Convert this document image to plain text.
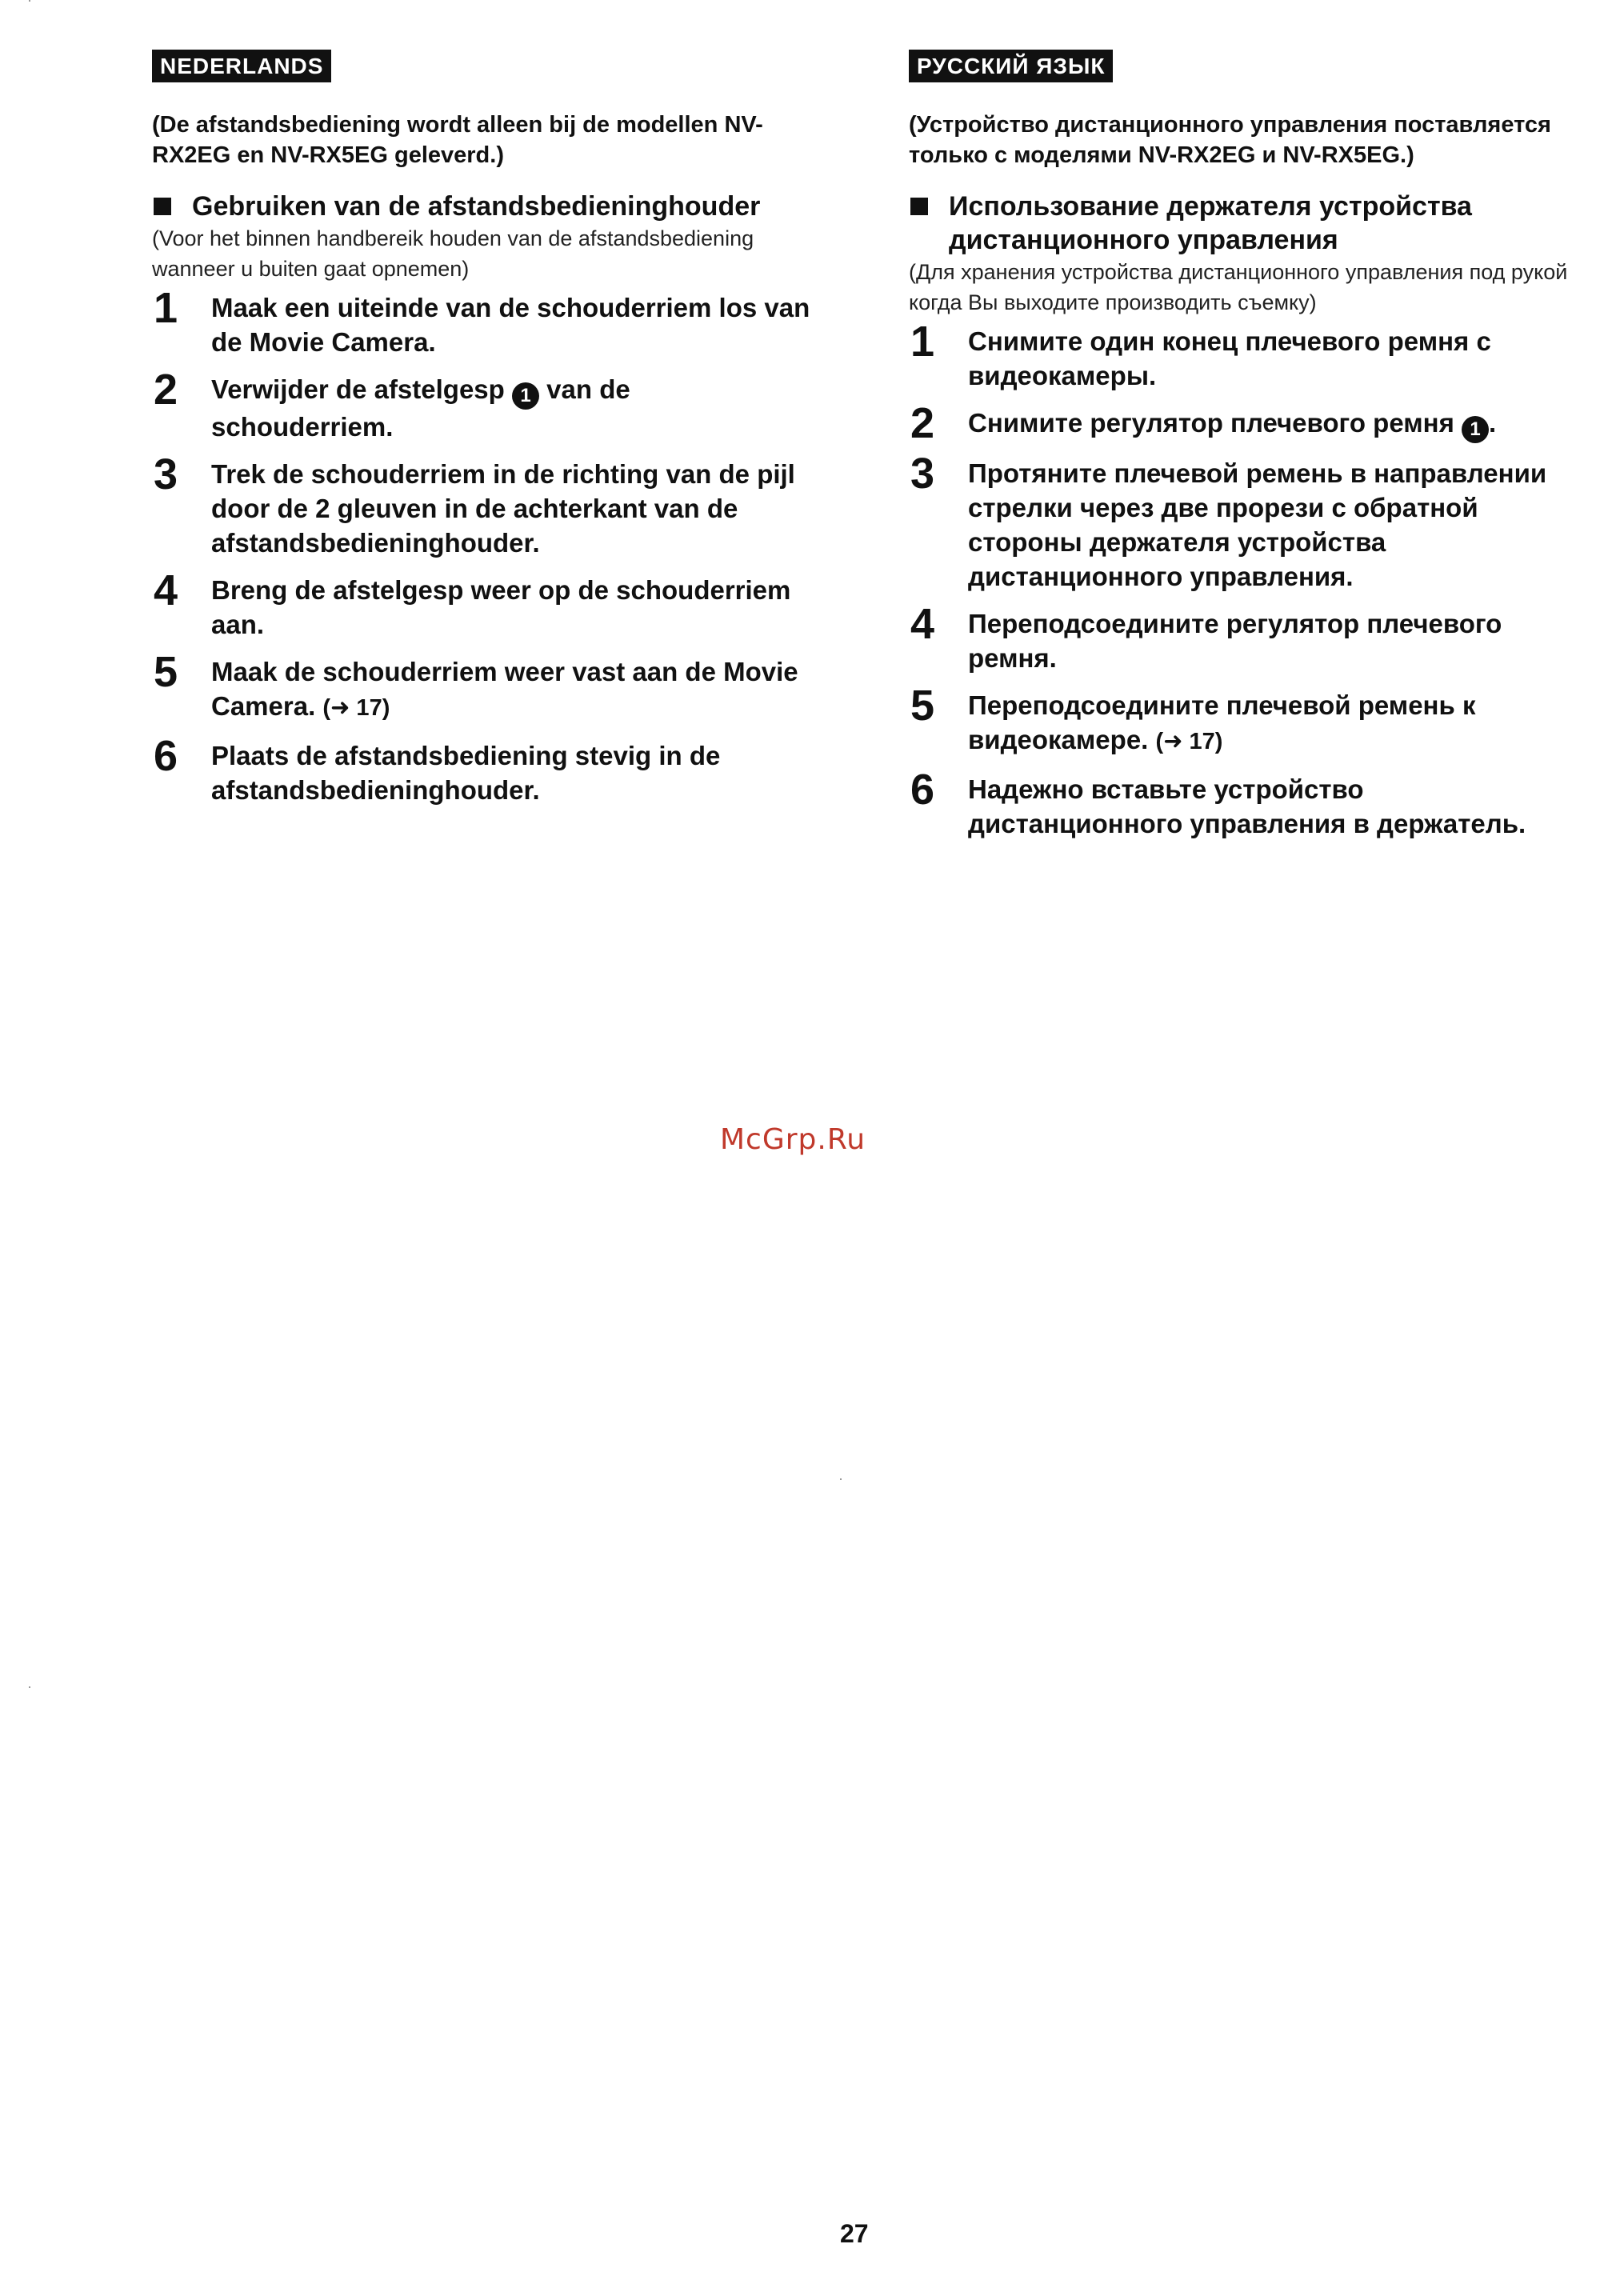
NEDERLANDS
(De afstandsbediening wordt alleen bij de modellen NV-RX2EG en NV-RX5EG geleverd.)
Gebruiken van de afstandsbedieninghouder
(Voor het binnen handbereik houden van de afstandsbediening wanneer u buiten gaat opnemen)
1 Maak een uiteinde van de schouderriem los van de Movie Camera.
2 Verwijder de afstelgesp 1 van de schouderriem.
3 Trek de schouderriem in de richting van de pijl door de 2 gleuven in de achterkant van de afstandsbedieninghouder.
4 Breng de afstelgesp weer op de schouderriem aan.
5 Maak de schouderriem weer vast aan de Movie Camera. (➜ 17)
6 Plaats de afstandsbediening stevig in de afstandsbedieninghouder.
РУССКИЙ ЯЗЫК
(Устройство дистанционного управления поставляется только с моделями NV-RX2EG и NV-RX5EG.)
Использование держателя устройства дистанционного управления
(Для хранения устройства дистанционного управления под рукой когда Вы выходите производить съемку)
1 Снимите один конец плечевого ремня с видеокамеры.
2 Снимите регулятор плечевого ремня 1 .
3 Протяните плечевой ремень в направлении стрелки через две прорези с обратной стороны держателя устройства дистанционного управления.
4 Переподсоедините регулятор плечевого ремня.
5 Переподсоедините плечевой ремень к видеокамере. (➜ 17)
6 Надежно вставьте устройство дистанционного управления в держатель.
McGrp.Ru
27
